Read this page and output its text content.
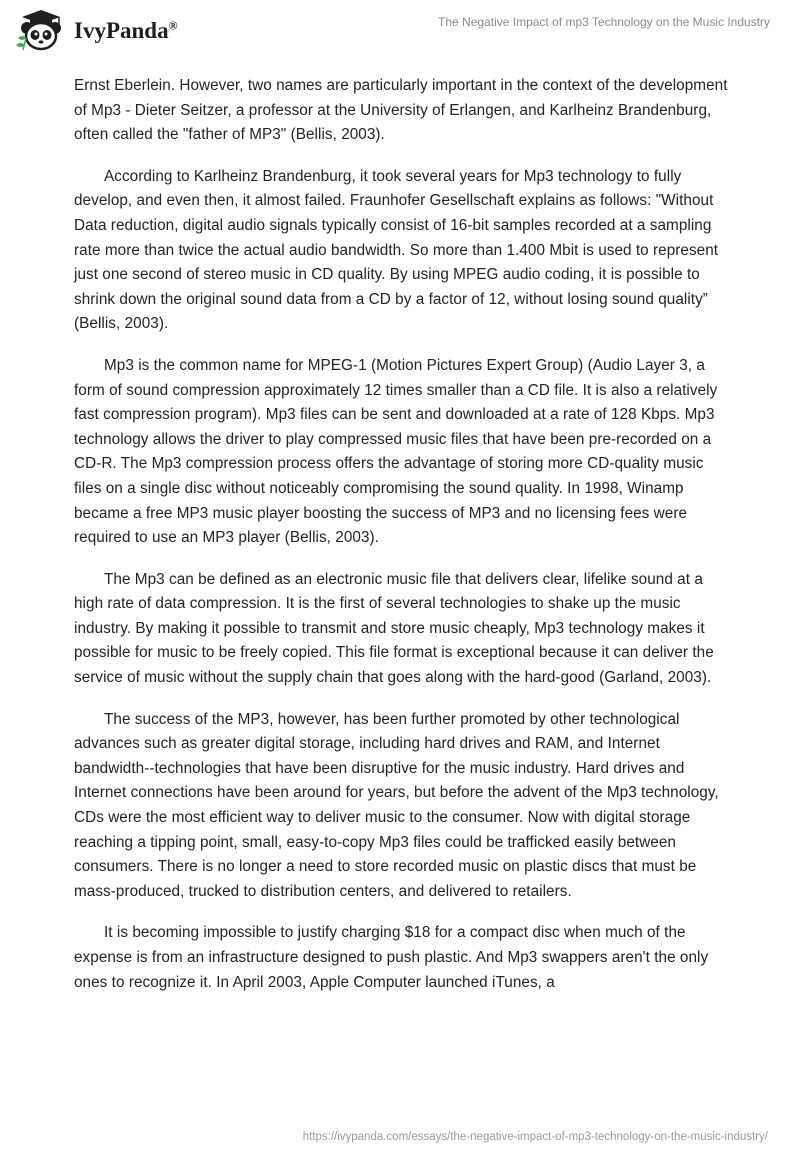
IvyPanda®	The Negative Impact of mp3 Technology on the Music Industry

Ernst Eberlein. However, two names are particularly important in the context of the development of Mp3 - Dieter Seitzer, a professor at the University of Erlangen, and Karlheinz Brandenburg, often called the "father of MP3" (Bellis, 2003).

According to Karlheinz Brandenburg, it took several years for Mp3 technology to fully develop, and even then, it almost failed. Fraunhofer Gesellschaft explains as follows: "Without Data reduction, digital audio signals typically consist of 16-bit samples recorded at a sampling rate more than twice the actual audio bandwidth. So more than 1.400 Mbit is used to represent just one second of stereo music in CD quality. By using MPEG audio coding, it is possible to shrink down the original sound data from a CD by a factor of 12, without losing sound quality” (Bellis, 2003).

Mp3 is the common name for MPEG-1 (Motion Pictures Expert Group) (Audio Layer 3, a form of sound compression approximately 12 times smaller than a CD file. It is also a relatively fast compression program). Mp3 files can be sent and downloaded at a rate of 128 Kbps. Mp3 technology allows the driver to play compressed music files that have been pre-recorded on a CD-R. The Mp3 compression process offers the advantage of storing more CD-quality music files on a single disc without noticeably compromising the sound quality. In 1998, Winamp became a free MP3 music player boosting the success of MP3 and no licensing fees were required to use an MP3 player (Bellis, 2003).

The Mp3 can be defined as an electronic music file that delivers clear, lifelike sound at a high rate of data compression. It is the first of several technologies to shake up the music industry. By making it possible to transmit and store music cheaply, Mp3 technology makes it possible for music to be freely copied. This file format is exceptional because it can deliver the service of music without the supply chain that goes along with the hard-good (Garland, 2003).

The success of the MP3, however, has been further promoted by other technological advances such as greater digital storage, including hard drives and RAM, and Internet bandwidth--technologies that have been disruptive for the music industry. Hard drives and Internet connections have been around for years, but before the advent of the Mp3 technology, CDs were the most efficient way to deliver music to the consumer. Now with digital storage reaching a tipping point, small, easy-to-copy Mp3 files could be trafficked easily between consumers. There is no longer a need to store recorded music on plastic discs that must be mass-produced, trucked to distribution centers, and delivered to retailers.

It is becoming impossible to justify charging $18 for a compact disc when much of the expense is from an infrastructure designed to push plastic. And Mp3 swappers aren't the only ones to recognize it. In April 2003, Apple Computer launched iTunes, a

https://ivypanda.com/essays/the-negative-impact-of-mp3-technology-on-the-music-industry/
